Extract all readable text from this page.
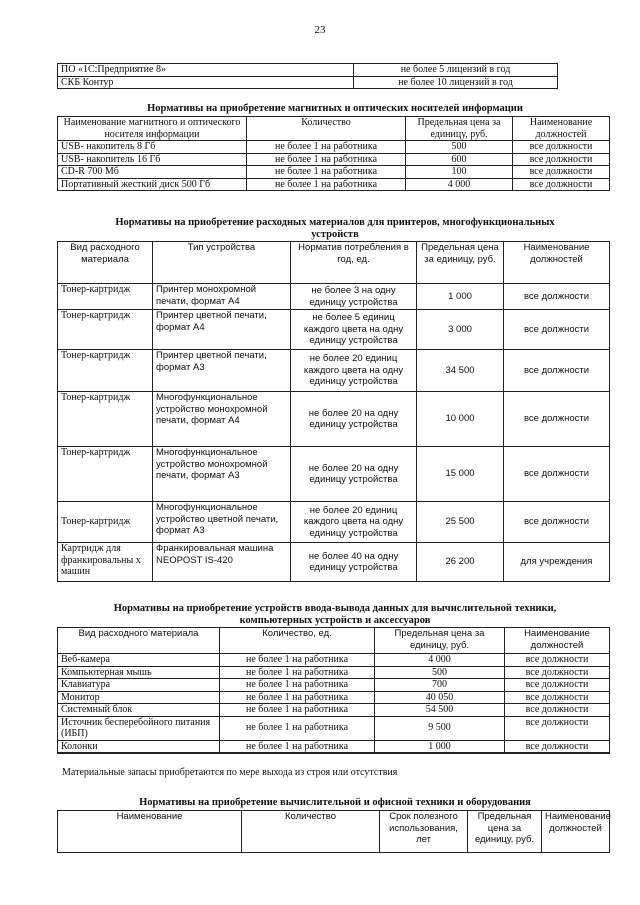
23
ПО «1С:Предприятие 8»	не более 5 лицензий в год
СКБ Контур	не более 10 лицензий в год
Нормативы на приобретение магнитных и оптических носителей информации
Наименование магнитного и оптического носителя информации	Количество	Предельная цена за единицу, руб.	Наименование должностей
USB- накопитель 8 Гб	не более 1 на работника	500	все должности
USB- накопитель 16 Гб	не более 1 на работника	600	все должности
CD-R 700 Мб	не более 1 на работника	100	все должности
Портативный жесткий диск 500 Гб	не более 1 на работника	4 000	все должности
Нормативы на приобретение расходных материалов для принтеров, многофункциональных
устройств
Вид расходного материала	Тип устройства	Норматив потребления в год, ед.	Предельная цена за единицу, руб.	Наименование должностей
Тонер-картридж	Принтер монохромной печати, формат А4	не более 3 на одну единицу устройства	1 000	все должности
Тонер-картридж	Принтер цветной печати, формат А4	не более 5 единиц каждого цвета на одну единицу устройства	3 000	все должности
Тонер-картридж	Принтер цветной печати, формат А3	не более 20 единиц каждого цвета на одну единицу устройства	34 500	все должности
Тонер-картридж	Многофункциональное устройство монохромной печати, формат А4	не более 20 на одну единицу устройства	10 000	все должности
Тонер-картридж	Многофункциональное устройство монохромной печати, формат А3	не более 20 на одну единицу устройства	15 000	все должности
Тонер-картридж	Многофункциональное устройство цветной печати, формат А3	не более 20 единиц каждого цвета на одну единицу устройства	25 500	все должности
Картридж для франкировальны х машин	Франкировальная машина NEOPOST IS-420	не более 40 на одну единицу устройства	26 200	для учреждения
Нормативы на приобретение устройств ввода-вывода данных для вычислительной техники,
компьютерных устройств и аксессуаров
Вид расходного материала	Количество, ед.	Предельная цена за единицу, руб.	Наименование должностей
Веб-камера	не более 1 на работника	4 000	все должности
Компьютерная мышь	не более 1 на работника	500	все должности
Клавиатура	не более 1 на работника	700	все должности
Монитор	не более 1 на работника	40 050	все должности
Системный блок	не более 1 на работника	54 500	все должности
Источник бесперебойного питания (ИБП)	не более 1 на работника	9 500	все должности
Колонки	не более 1 на работника	1 000	все должности

Материальные запасы приобретаются по мере выхода из строя или отсутствия
Нормативы на приобретение вычислительной и офисной техники и оборудования
Наименование	Количество	Срок полезного использования, лет	Предельная цена за единицу, руб.	Наименование должностей
